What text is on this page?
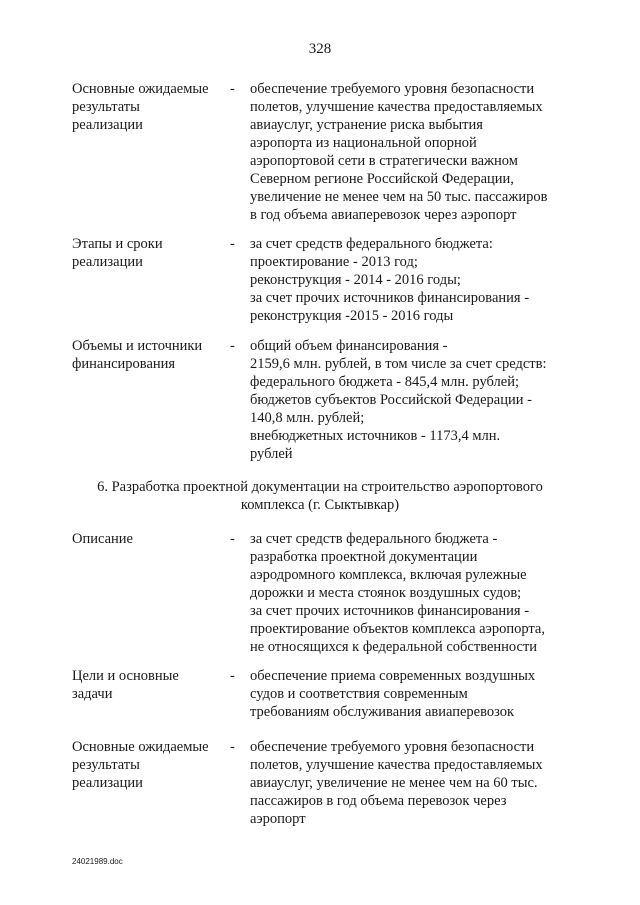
328
Основные ожидаемые
результаты
реализации
- обеспечение требуемого уровня безопасности
полетов, улучшение качества предоставляемых
авиауслуг, устранение риска выбытия
аэропорта из национальной опорной
аэропортовой сети в стратегически важном
Северном регионе Российской Федерации,
увеличение не менее чем на 50 тыс. пассажиров
в год объема авиаперевозок через аэропорт
Этапы и сроки
реализации
- за счет средств федерального бюджета:
проектирование - 2013 год;
реконструкция - 2014 - 2016 годы;
за счет прочих источников финансирования -
реконструкция -2015 - 2016 годы
Объемы и источники
финансирования
- общий объем финансирования -
2159,6 млн. рублей, в том числе за счет средств:
федерального бюджета - 845,4 млн. рублей;
бюджетов субъектов Российской Федерации -
140,8 млн. рублей;
внебюджетных источников - 1173,4 млн.
рублей
6. Разработка проектной документации на строительство аэропортового
комплекса (г. Сыктывкар)
Описание	- за счет средств федерального бюджета -
разработка проектной документации
аэродромного комплекса, включая рулежные
дорожки и места стоянок воздушных судов;
за счет прочих источников финансирования -
проектирование объектов комплекса аэропорта,
не относящихся к федеральной собственности
Цели и основные
задачи
- обеспечение приема современных воздушных
судов и соответствия современным
требованиям обслуживания авиаперевозок
Основные ожидаемые
результаты
реализации
- обеспечение требуемого уровня безопасности
полетов, улучшение качества предоставляемых
авиауслуг, увеличение не менее чем на 60 тыс.
пассажиров в год объема перевозок через
аэропорт
24021989.doc
